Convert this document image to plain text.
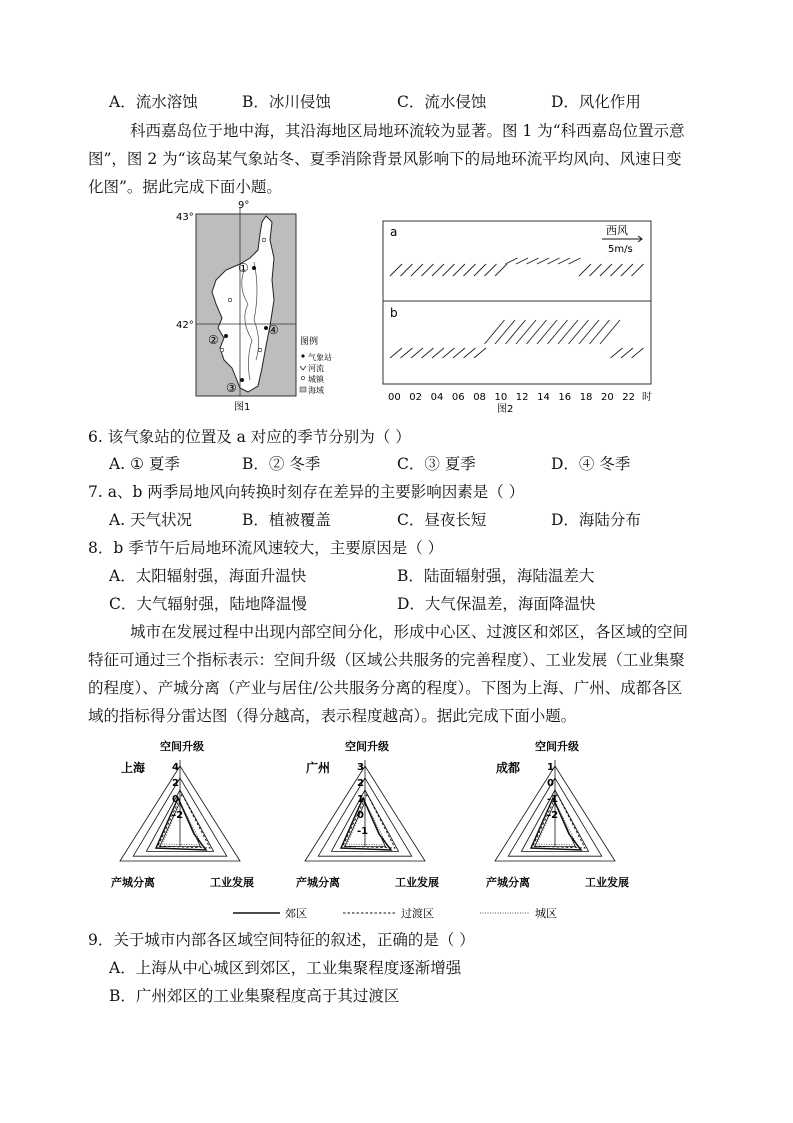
A．流水溶蚀	B．冰川侵蚀	C．流水侵蚀	D．风化作用
科西嘉岛位于地中海，其沿海地区局地环流较为显著。图 1 为“科西嘉岛位置示意
图”，图 2 为“该岛某气象站冬、夏季消除背景风影响下的局地环流平均风向、风速日变
化图”。据此完成下面小题。
9°
43°
42°
①
②
③
④
图例
气象站
河流
城镇
海域
图1
a
b
西风
5m/s
00 02 04 06 08 10 12 14 16 18 20 22 时
图2
6. 该气象站的位置及 a 对应的季节分别为（ ）
A. ① 夏季	B．② 冬季	C．③ 夏季	D．④ 冬季
7. a、b 两季局地风向转换时刻存在差异的主要影响因素是（ ）
A. 天气状况	B．植被覆盖	C．昼夜长短	D．海陆分布
8．b 季节午后局地环流风速较大，主要原因是（ ）
A．太阳辐射强，海面升温快	B．陆面辐射强，海陆温差大
C．大气辐射强，陆地降温慢	D．大气保温差，海面降温快
城市在发展过程中出现内部空间分化，形成中心区、过渡区和郊区，各区域的空间
特征可通过三个指标表示：空间升级（区域公共服务的完善程度）、工业发展（工业集聚
的程度）、产城分离（产业与居住/公共服务分离的程度）。下图为上海、广州、成都各区
域的指标得分雷达图（得分越高，表示程度越高）。据此完成下面小题。
空间升级
产城分离	工业发展
上海	4
2
0
-2
空间升级
产城分离	工业发展
广州	3
2
1
0
-1
空间升级
产城分离	工业发展
成都	1
0
-1
-2
郊区	过渡区	城区
9．关于城市内部各区域空间特征的叙述，正确的是（ ）
A．上海从中心城区到郊区，工业集聚程度逐渐增强
B．广州郊区的工业集聚程度高于其过渡区
